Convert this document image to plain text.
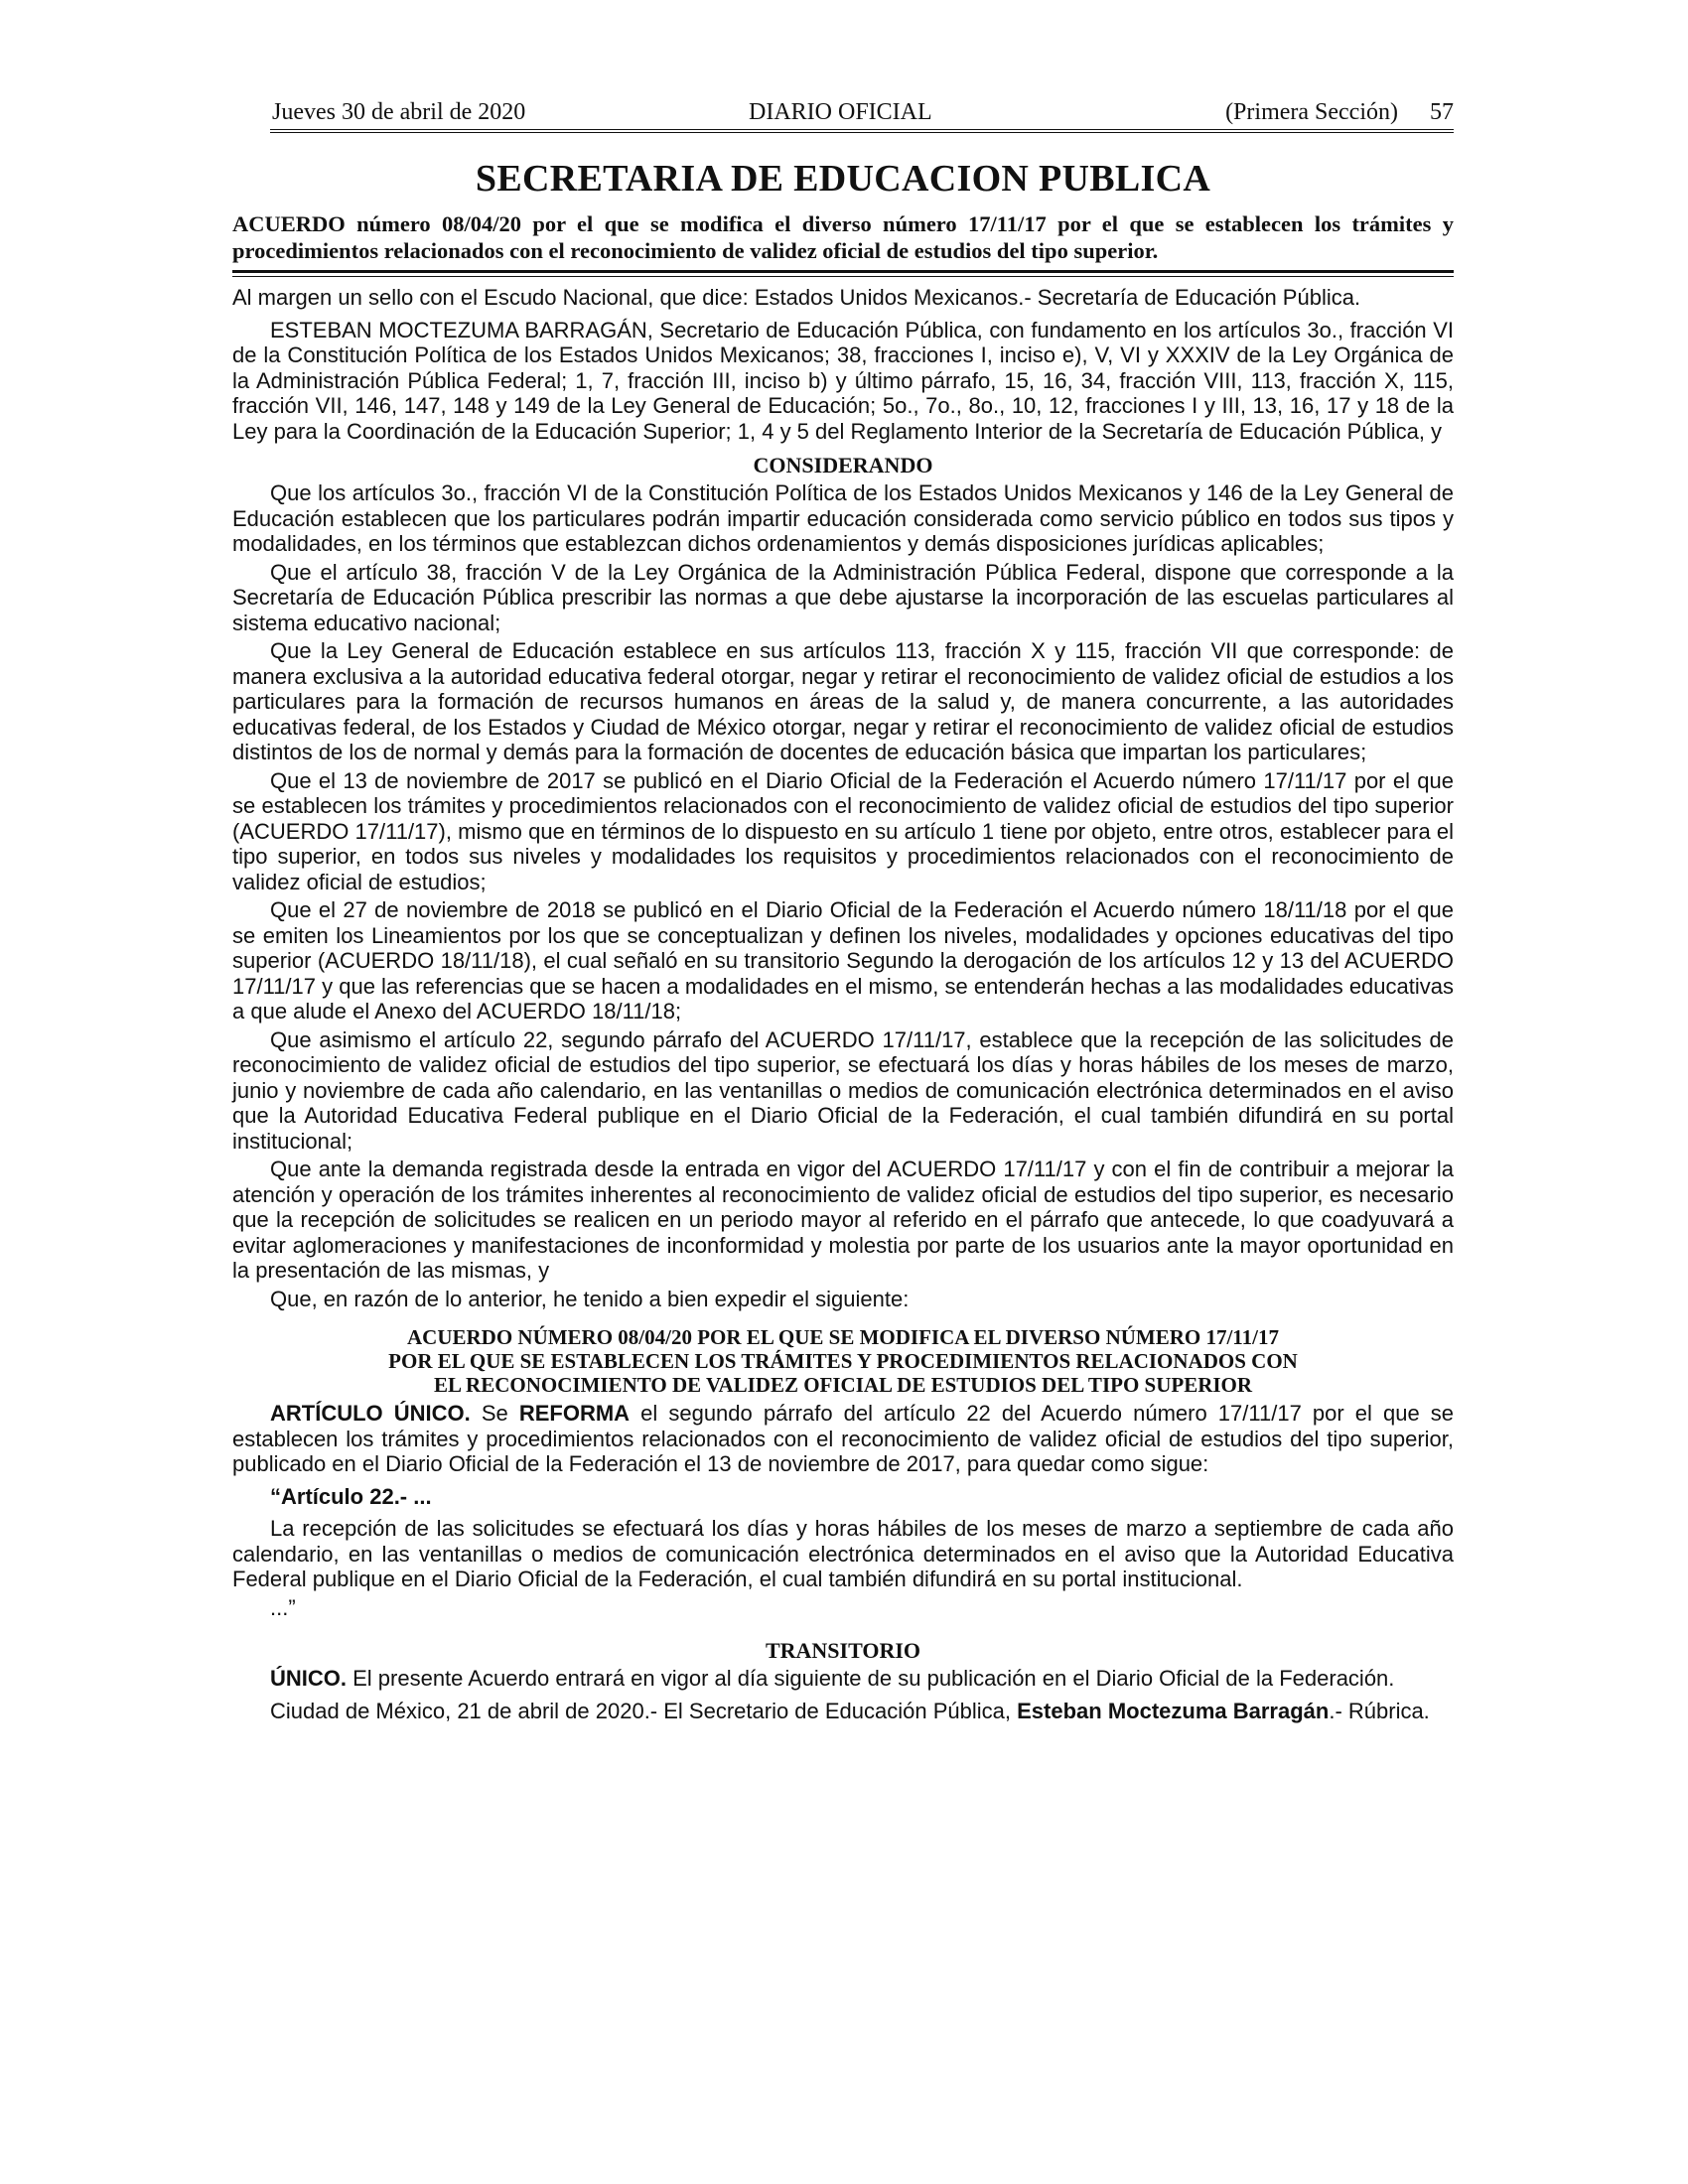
Jueves 30 de abril de 2020	DIARIO OFICIAL	(Primera Sección) 57
SECRETARIA DE EDUCACION PUBLICA

ACUERDO número 08/04/20 por el que se modifica el diverso número 17/11/17 por el que se establecen los trámites y procedimientos relacionados con el reconocimiento de validez oficial de estudios del tipo superior.

Al margen un sello con el Escudo Nacional, que dice: Estados Unidos Mexicanos.- Secretaría de Educación Pública.

ESTEBAN MOCTEZUMA BARRAGÁN, Secretario de Educación Pública, con fundamento en los artículos 3o., fracción VI de la Constitución Política de los Estados Unidos Mexicanos; 38, fracciones I, inciso e), V, VI y XXXIV de la Ley Orgánica de la Administración Pública Federal; 1, 7, fracción III, inciso b) y último párrafo, 15, 16, 34, fracción VIII, 113, fracción X, 115, fracción VII, 146, 147, 148 y 149 de la Ley General de Educación; 5o., 7o., 8o., 10, 12, fracciones I y III, 13, 16, 17 y 18 de la Ley para la Coordinación de la Educación Superior; 1, 4 y 5 del Reglamento Interior de la Secretaría de Educación Pública, y

CONSIDERANDO

Que los artículos 3o., fracción VI de la Constitución Política de los Estados Unidos Mexicanos y 146 de la Ley General de Educación establecen que los particulares podrán impartir educación considerada como servicio público en todos sus tipos y modalidades, en los términos que establezcan dichos ordenamientos y demás disposiciones jurídicas aplicables;

Que el artículo 38, fracción V de la Ley Orgánica de la Administración Pública Federal, dispone que corresponde a la Secretaría de Educación Pública prescribir las normas a que debe ajustarse la incorporación de las escuelas particulares al sistema educativo nacional;

Que la Ley General de Educación establece en sus artículos 113, fracción X y 115, fracción VII que corresponde: de manera exclusiva a la autoridad educativa federal otorgar, negar y retirar el reconocimiento de validez oficial de estudios a los particulares para la formación de recursos humanos en áreas de la salud y, de manera concurrente, a las autoridades educativas federal, de los Estados y Ciudad de México otorgar, negar y retirar el reconocimiento de validez oficial de estudios distintos de los de normal y demás para la formación de docentes de educación básica que impartan los particulares;

Que el 13 de noviembre de 2017 se publicó en el Diario Oficial de la Federación el Acuerdo número 17/11/17 por el que se establecen los trámites y procedimientos relacionados con el reconocimiento de validez oficial de estudios del tipo superior (ACUERDO 17/11/17), mismo que en términos de lo dispuesto en su artículo 1 tiene por objeto, entre otros, establecer para el tipo superior, en todos sus niveles y modalidades los requisitos y procedimientos relacionados con el reconocimiento de validez oficial de estudios;

Que el 27 de noviembre de 2018 se publicó en el Diario Oficial de la Federación el Acuerdo número 18/11/18 por el que se emiten los Lineamientos por los que se conceptualizan y definen los niveles, modalidades y opciones educativas del tipo superior (ACUERDO 18/11/18), el cual señaló en su transitorio Segundo la derogación de los artículos 12 y 13 del ACUERDO 17/11/17 y que las referencias que se hacen a modalidades en el mismo, se entenderán hechas a las modalidades educativas a que alude el Anexo del ACUERDO 18/11/18;

Que asimismo el artículo 22, segundo párrafo del ACUERDO 17/11/17, establece que la recepción de las solicitudes de reconocimiento de validez oficial de estudios del tipo superior, se efectuará los días y horas hábiles de los meses de marzo, junio y noviembre de cada año calendario, en las ventanillas o medios de comunicación electrónica determinados en el aviso que la Autoridad Educativa Federal publique en el Diario Oficial de la Federación, el cual también difundirá en su portal institucional;

Que ante la demanda registrada desde la entrada en vigor del ACUERDO 17/11/17 y con el fin de contribuir a mejorar la atención y operación de los trámites inherentes al reconocimiento de validez oficial de estudios del tipo superior, es necesario que la recepción de solicitudes se realicen en un periodo mayor al referido en el párrafo que antecede, lo que coadyuvará a evitar aglomeraciones y manifestaciones de inconformidad y molestia por parte de los usuarios ante la mayor oportunidad en la presentación de las mismas, y

Que, en razón de lo anterior, he tenido a bien expedir el siguiente:

ACUERDO NÚMERO 08/04/20 POR EL QUE SE MODIFICA EL DIVERSO NÚMERO 17/11/17
POR EL QUE SE ESTABLECEN LOS TRÁMITES Y PROCEDIMIENTOS RELACIONADOS CON
EL RECONOCIMIENTO DE VALIDEZ OFICIAL DE ESTUDIOS DEL TIPO SUPERIOR

ARTÍCULO ÚNICO. Se REFORMA el segundo párrafo del artículo 22 del Acuerdo número 17/11/17 por el que se establecen los trámites y procedimientos relacionados con el reconocimiento de validez oficial de estudios del tipo superior, publicado en el Diario Oficial de la Federación el 13 de noviembre de 2017, para quedar como sigue:

“Artículo 22.- ...

La recepción de las solicitudes se efectuará los días y horas hábiles de los meses de marzo a septiembre de cada año calendario, en las ventanillas o medios de comunicación electrónica determinados en el aviso que la Autoridad Educativa Federal publique en el Diario Oficial de la Federación, el cual también difundirá en su portal institucional.

...”

TRANSITORIO

ÚNICO. El presente Acuerdo entrará en vigor al día siguiente de su publicación en el Diario Oficial de la Federación.

Ciudad de México, 21 de abril de 2020.- El Secretario de Educación Pública, Esteban Moctezuma Barragán.- Rúbrica.
